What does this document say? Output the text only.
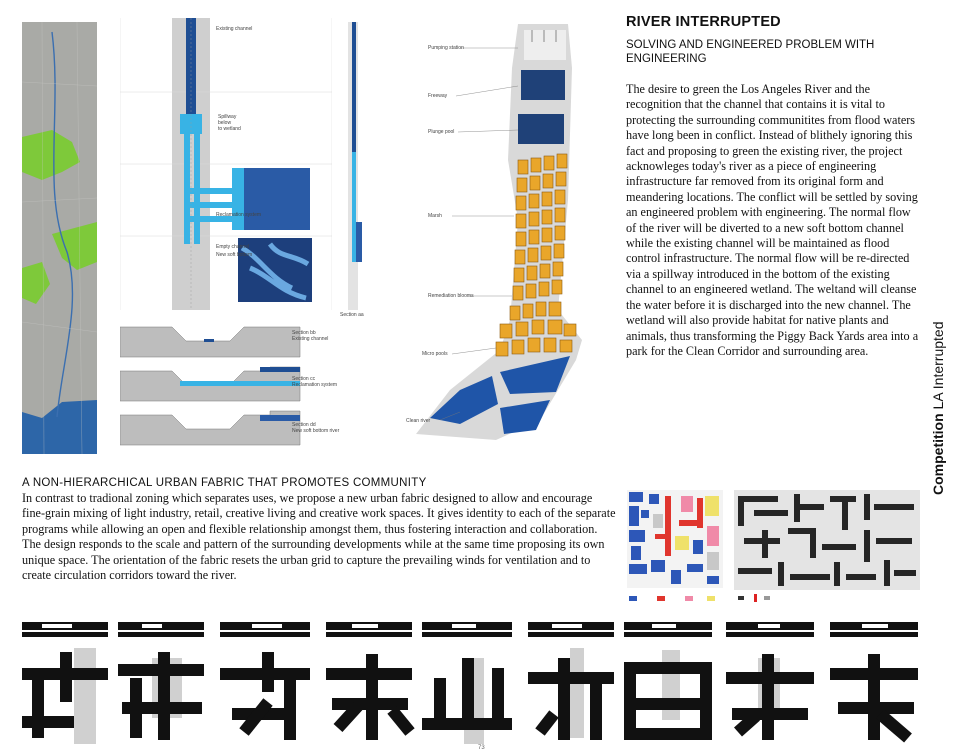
RIVER INTERRUPTED
SOLVING AND ENGINEERED PROBLEM WITH ENGINEERING
The desire to green the Los Angeles River and the recognition that the channel that contains it is vital to protecting the surrounding communitites from flood waters have long been in conflict. Instead of blithely ignoring this fact and proposing to green the existing river, the project acknowleges today's river as a piece of engineering infrastructure far removed from its original form and meandering locations. The conflict will be settled by soving an engineered problem with engineering. The normal flow of the river will be diverted to a new soft bottom channel while the existing channel will be maintained as flood control infrastructure. The normal flow will be re-directed via a spillway introduced in the bottom of the existing channel to an engineered wetland. The weltand will cleanse the water before it is discharged into the new channel. The wetland will also provide habitat for native plants and animals, thus transforming the Piggy Back Yards area into a park for the Clean Corridor and surrounding area.
Competition LA Interrupted
A NON-HIERARCHICAL URBAN FABRIC THAT PROMOTES COMMUNITY
In contrast to tradional zoning which separates uses, we propose a new urban fabric designed to allow and encourage fine-grain mixing of light industry, retail, creative living and creative work spaces. It gives identity to each of the separate programs while allowing an open and flexible relationship amongst them, thus fostering interaction and collaboration. The design responds to the scale and pattern of the surrounding developments while at the same time proposing its own unique space. The orientation of the fabric resets the urban grid to capture the prevailing winds for ventilation and to create circulation corridors toward the river.
Existing channel
Spillway
below
to wetland
Reclamation system
Empty channel
New soft bottom
Section aa
Section bb
Existing channel
Section cc
Reclamation system
Section dd
New soft bottom river
Pumping station
Freeway
Plunge pool
Marsh
Remediation blooms
Micro pools
Clean river
73
